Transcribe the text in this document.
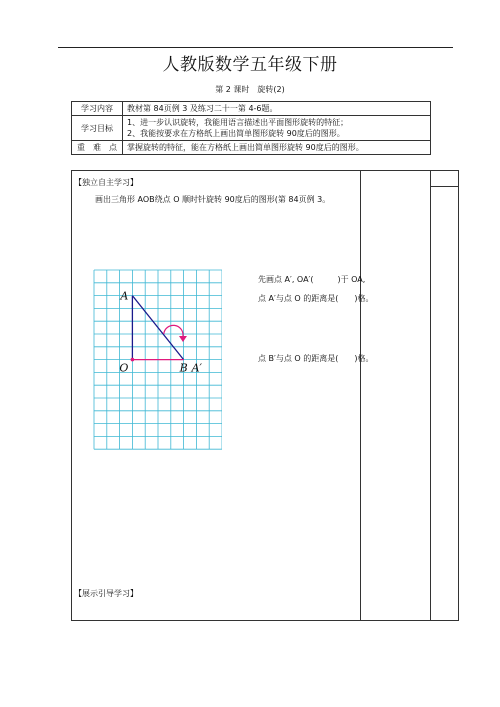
人教版数学五年级下册
第 2 课时　旋转(2)
学习内容	教材第 84页例 3 及练习二十一第 4-6题。
学习目标	1、进一步认识旋转，我能用语言描述出平面图形旋转的特征；
2、我能按要求在方格纸上画出简单图形旋转 90度后的图形。

重　难　点	掌握旋转的特征，能在方格纸上画出简单图形旋转 90度后的图形。
【独立自主学习】
画出三角形 AOB绕点 O 顺时针旋转 90度后的图形(第 84页例 3。
A
O	B A′
先画点 A′, OA′(　　　)于 OA,
点 A′与点 O 的距离是(　　)格。
点 B′与点 O 的距离是(　　)格。
【展示引导学习】
